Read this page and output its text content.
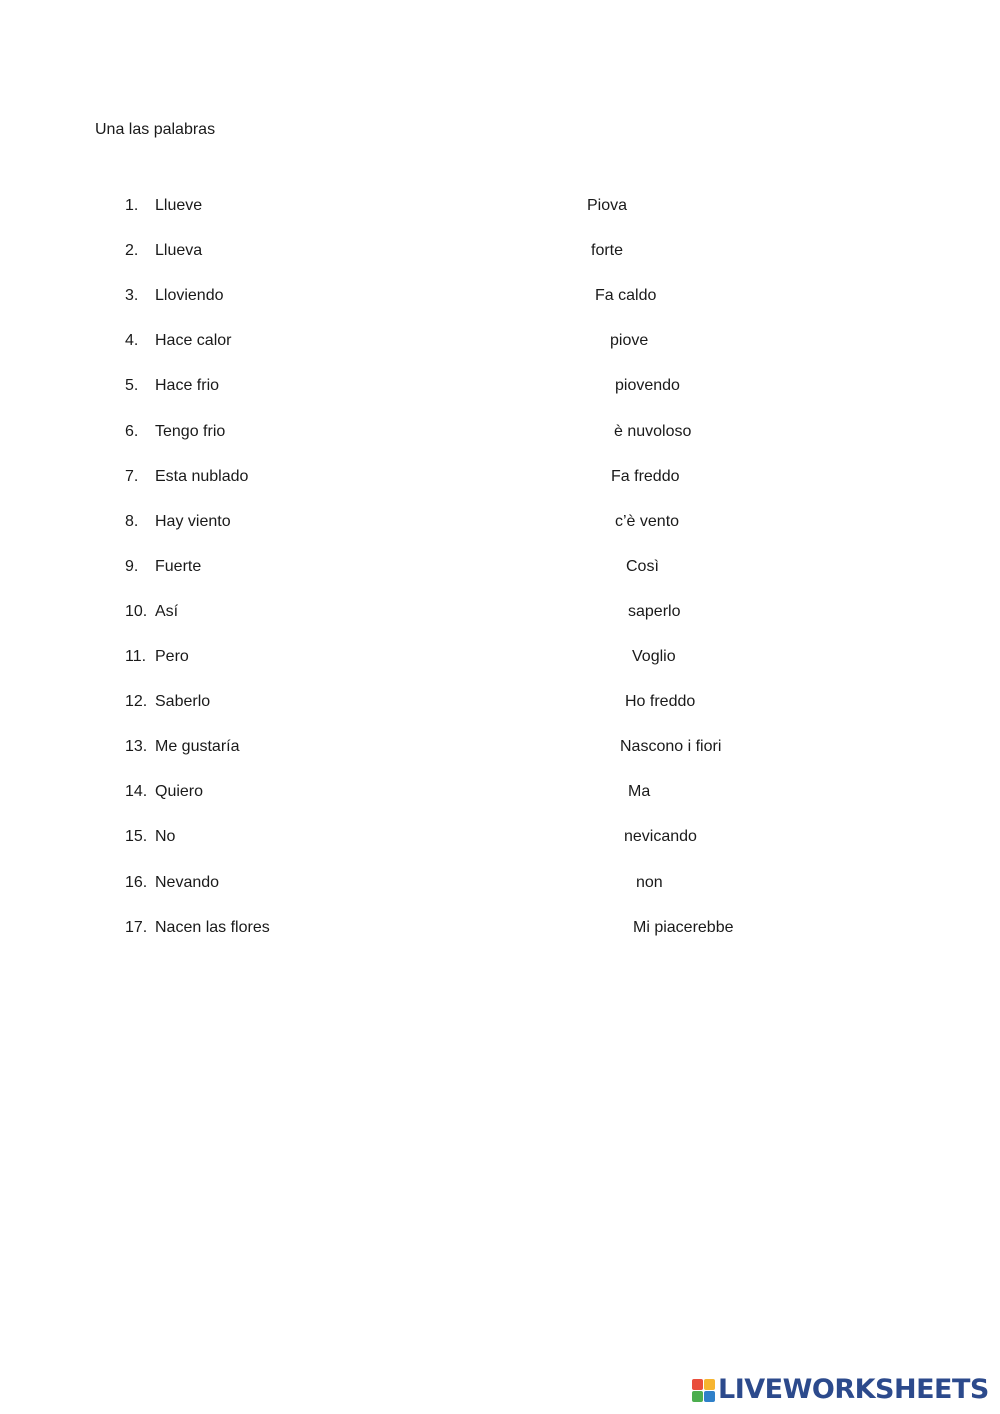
Una las palabras
1. Llueve	Piova
2. Llueva	forte
3. Lloviendo	Fa caldo
4. Hace calor	piove
5. Hace frio	piovendo
6. Tengo frio	è nuvoloso
7. Esta nublado	Fa freddo
8. Hay viento	c’è vento
9. Fuerte	Così
10. Así	saperlo
11. Pero	Voglio
12. Saberlo	Ho freddo
13. Me gustaría	Nascono i fiori
14. Quiero	Ma
15. No	nevicando
16. Nevando	non
17. Nacen las flores	Mi piacerebbe
LIVEWORKSHEETS
